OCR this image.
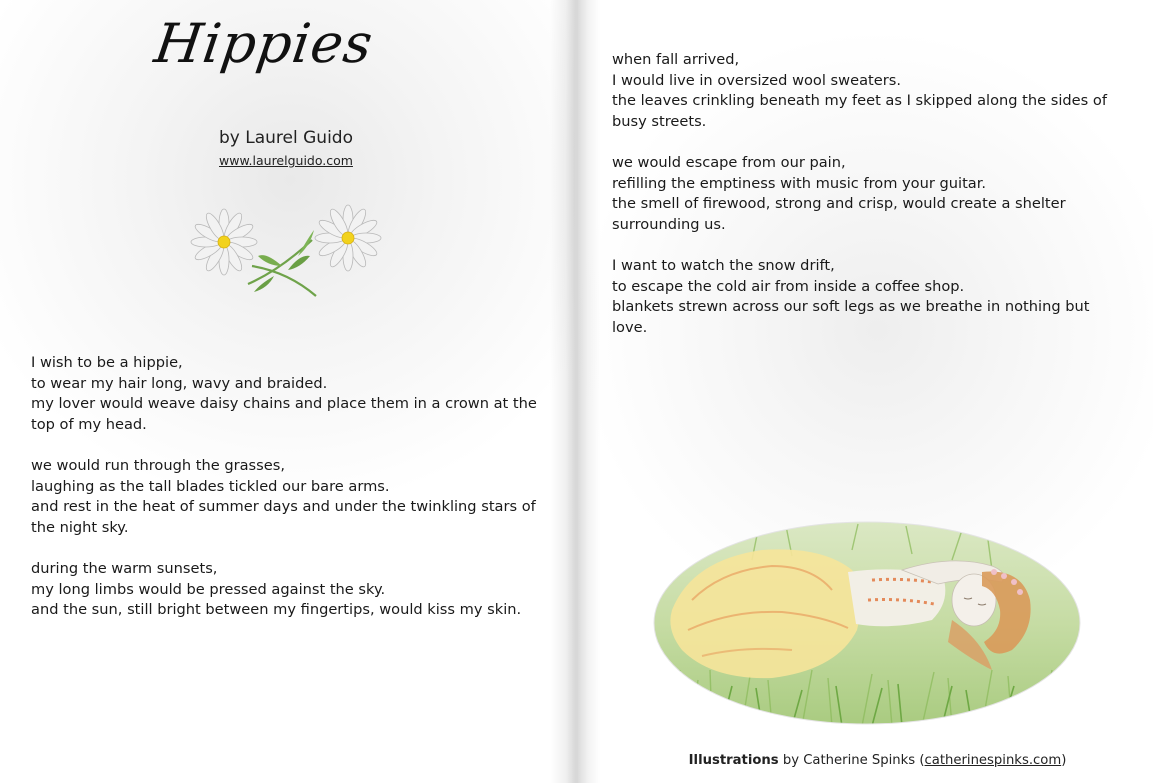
Hippies
by Laurel Guido
www.laurelguido.com
I wish to be a hippie,
to wear my hair long, wavy and braided.
my lover would weave daisy chains and place them in a crown at the top of my head.
we would run through the grasses,
laughing as the tall blades tickled our bare arms.
and rest in the heat of summer days and under the twinkling stars of the night sky.
during the warm sunsets,
my long limbs would be pressed against the sky.
and the sun, still bright between my fingertips, would kiss my skin.
when fall arrived,
I would live in oversized wool sweaters.
the leaves crinkling beneath my feet as I skipped along the sides of busy streets.
we would escape from our pain,
refilling the emptiness with music from your guitar.
the smell of firewood, strong and crisp, would create a shelter surrounding us.
I want to watch the snow drift,
to escape the cold air from inside a coffee shop.
blankets strewn across our soft legs as we breathe in nothing but love.
Illustrations by Catherine Spinks (catherinespinks.com)
